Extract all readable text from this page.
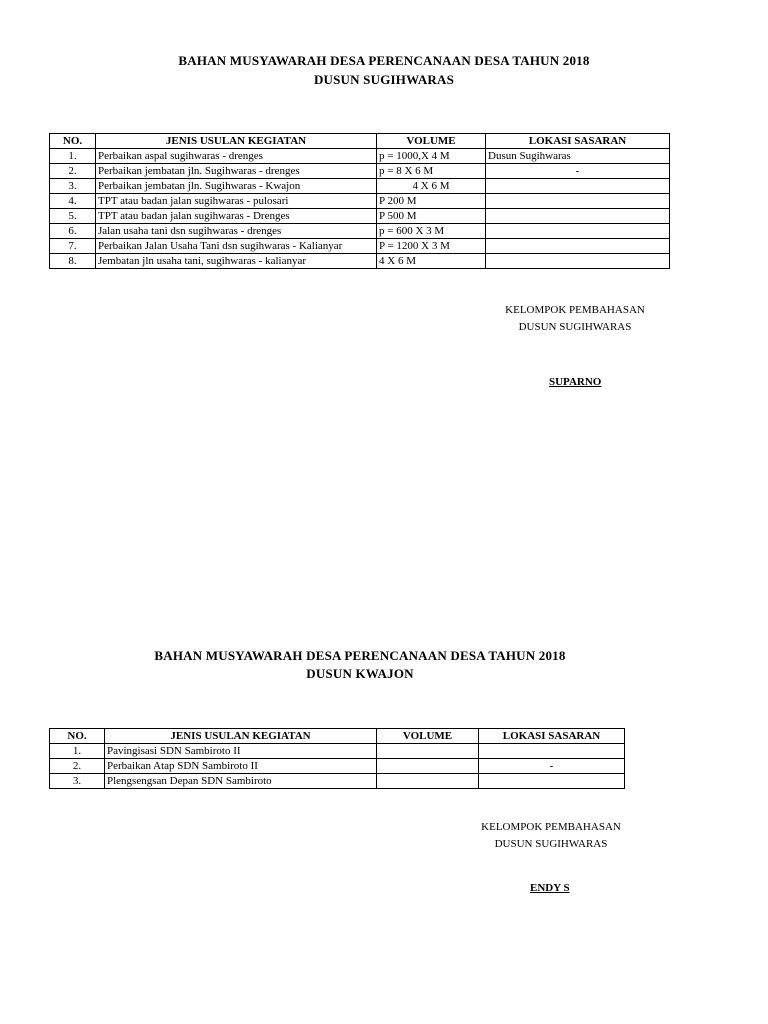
BAHAN MUSYAWARAH DESA PERENCANAAN DESA TAHUN 2018
DUSUN SUGIHWARAS
NO.	JENIS USULAN KEGIATAN	VOLUME	LOKASI SASARAN
1.	Perbaikan aspal sugihwaras - drenges	p = 1000,X 4 M	Dusun Sugihwaras
2.	Perbaikan jembatan jln. Sugihwaras - drenges	p = 8 X 6 M	-
3.	Perbaikan jembatan jln. Sugihwaras - Kwajon	4 X 6 M	
4.	TPT atau badan jalan sugihwaras - pulosari	P 200 M	
5.	TPT atau badan jalan sugihwaras - Drenges	P 500 M	
6.	Jalan usaha tani dsn sugihwaras - drenges	p = 600 X 3 M	
7.	Perbaikan Jalan Usaha Tani dsn sugihwaras - Kalianyar	P = 1200 X 3 M	
8.	Jembatan jln usaha tani, sugihwaras - kalianyar	4 X 6 M	
KELOMPOK PEMBAHASAN
DUSUN SUGIHWARAS
SUPARNO
BAHAN MUSYAWARAH DESA PERENCANAAN DESA TAHUN 2018
DUSUN KWAJON
NO.	JENIS USULAN KEGIATAN	VOLUME	LOKASI SASARAN
1.	Pavingisasi SDN Sambiroto II		
2.	Perbaikan Atap SDN Sambiroto II		-
3.	Plengsengsan Depan SDN Sambiroto		
KELOMPOK PEMBAHASAN
DUSUN SUGIHWARAS
ENDY S
